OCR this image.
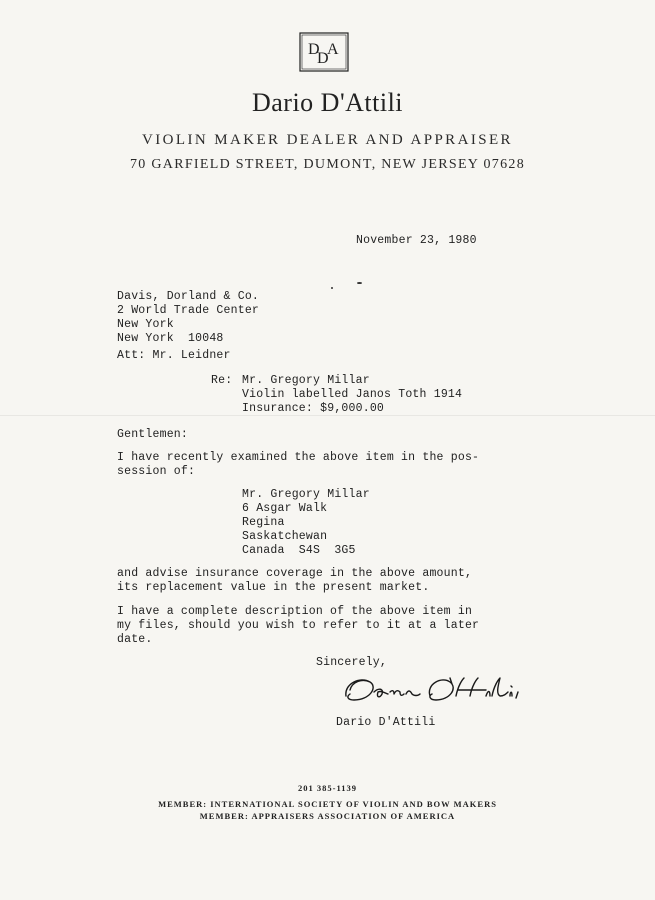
D
D
A
Dario D'Attili
VIOLIN MAKER DEALER AND APPRAISER
70 GARFIELD STREET, DUMONT, NEW JERSEY 07628
November 23, 1980
Davis, Dorland & Co.
2 World Trade Center
New York
New York  10048
Att: Mr. Leidner
Re: Mr. Gregory Millar
Violin labelled Janos Toth 1914
Insurance: $9,000.00
Gentlemen:
I have recently examined the above item in the pos-
session of:
Mr. Gregory Millar
6 Asgar Walk
Regina
Saskatchewan
Canada  S4S  3G5
and advise insurance coverage in the above amount,
its replacement value in the present market.
I have a complete description of the above item in
my files, should you wish to refer to it at a later
date.
Sincerely,
Dario D'Attili
201 385-1139
MEMBER: INTERNATIONAL SOCIETY OF VIOLIN AND BOW MAKERS
MEMBER: APPRAISERS ASSOCIATION OF AMERICA
